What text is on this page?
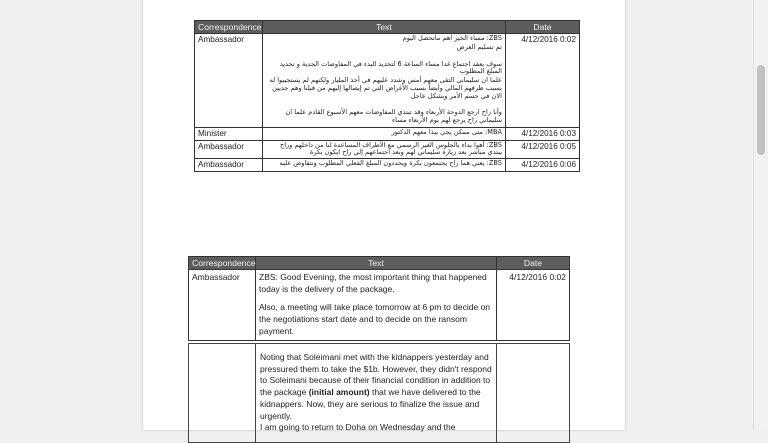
Correspondence	Text	Date
Ambassador	ZBS: مساء الخير اهم ماتحصل اليوم

تم تسليم الغرض

سوف يعقد اجتماع غدا مساء الساعة 6 لتحديد البدء في المفاوضات الجدية و تحديد المبلغ المطلوب

علما ان سليماني التقى معهم أمس وشدد عليهم في أخذ المليار ولكنهم لم يستجيبوا له بسبب ظرفهم المالي وأيضاً بسبب الأغراض التي تم إيصالها إليهم من قبلنا وهم جديين الان في حسم الأمر وبشكل عاجل

وأنا راح ارجع الدوحة الأربعاء وقد تبتدي المفاوضات معهم الأسبوع القادم علما ان سليماني راح يرجع لهم يوم الأربعاء مساء	4/12/2016 0:02
Minister	MBA: متى ممكن يجي يبدا معهم الدكتور	4/12/2016 0:03
Ambassador	ZBS: أهوا بداء بالجلوس الغير الرسمي مع الأطراف المساعدة لنا من داخلهم وراح يبتدي مباشر بعد زيارة سليماني لهم وبعد اجتماعهم إلي راح ايكون بكرة	4/12/2016 0:05
Ambassador	ZBS: يعني هما راح يجتمعون بكرة ويحددون المبلغ الفعلي المطلوب ونتفاوض عليه	4/12/2016 0:06
Correspondence	Text	Date
Ambassador	ZBS: Good Evening, the most important thing that happened today is the delivery of the package.

Also, a meeting will take place tomorrow at 6 pm to decide on the negotiations start date and to decide on the ransom payment.	4/12/2016 0:02
	Noting that Soleimani met with the kidnappers yesterday and pressured them to take the $1b. However, they didn't respond to Soleimani because of their financial condition in addition to the package (initial amount) that we have delivered to the kidnappers. Now, they are serious to finalize the issue and urgently.
I am going to return to Doha on Wednesday and the	
